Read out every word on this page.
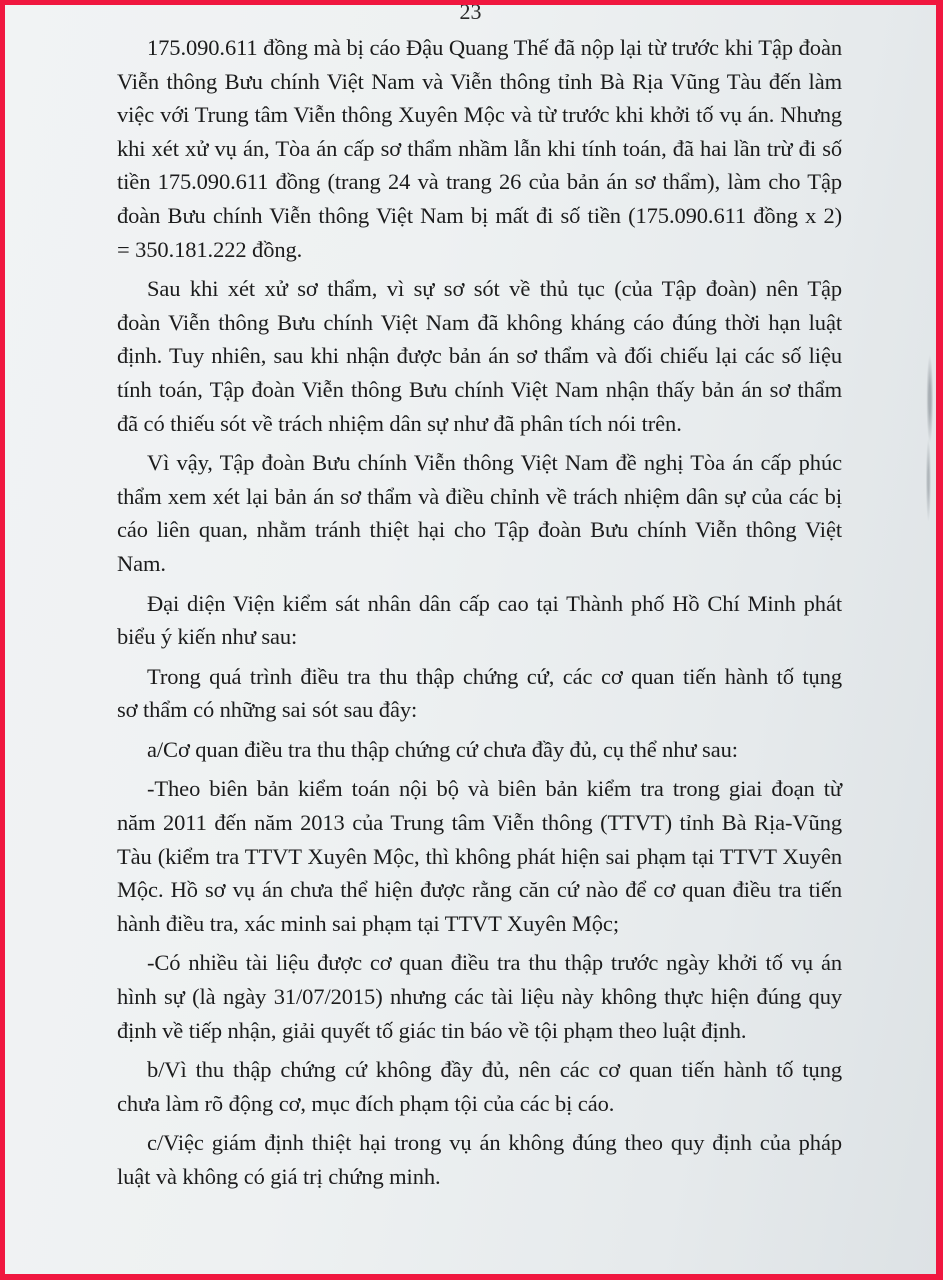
23
175.090.611 đồng mà bị cáo Đậu Quang Thế đã nộp lại từ trước khi Tập đoàn
Viễn thông Bưu chính Việt Nam và Viễn thông tỉnh Bà Rịa Vũng Tàu đến làm
việc với Trung tâm Viễn thông Xuyên Mộc và từ trước khi khởi tố vụ án. Nhưng
khi xét xử vụ án, Tòa án cấp sơ thẩm nhầm lẫn khi tính toán, đã hai lần trừ đi số
tiền 175.090.611 đồng (trang 24 và trang 26 của bản án sơ thẩm), làm cho Tập
đoàn Bưu chính Viễn thông Việt Nam bị mất đi số tiền (175.090.611 đồng x 2)
= 350.181.222 đồng.
Sau khi xét xử sơ thẩm, vì sự sơ sót về thủ tục (của Tập đoàn) nên Tập
đoàn Viễn thông Bưu chính Việt Nam đã không kháng cáo đúng thời hạn luật
định. Tuy nhiên, sau khi nhận được bản án sơ thẩm và đối chiếu lại các số liệu
tính toán, Tập đoàn Viễn thông Bưu chính Việt Nam nhận thấy bản án sơ thẩm
đã có thiếu sót về trách nhiệm dân sự như đã phân tích nói trên.
Vì vậy, Tập đoàn Bưu chính Viễn thông Việt Nam đề nghị Tòa án cấp phúc
thẩm xem xét lại bản án sơ thẩm và điều chỉnh về trách nhiệm dân sự của các bị
cáo liên quan, nhằm tránh thiệt hại cho Tập đoàn Bưu chính Viễn thông Việt
Nam.
Đại diện Viện kiểm sát nhân dân cấp cao tại Thành phố Hồ Chí Minh phát
biểu ý kiến như sau:
Trong quá trình điều tra thu thập chứng cứ, các cơ quan tiến hành tố tụng
sơ thẩm có những sai sót sau đây:
a/Cơ quan điều tra thu thập chứng cứ chưa đầy đủ, cụ thể như sau:
-Theo biên bản kiểm toán nội bộ và biên bản kiểm tra trong giai đoạn từ
năm 2011 đến năm 2013 của Trung tâm Viễn thông (TTVT) tỉnh Bà Rịa-Vũng
Tàu (kiểm tra TTVT Xuyên Mộc, thì không phát hiện sai phạm tại TTVT Xuyên
Mộc. Hồ sơ vụ án chưa thể hiện được rằng căn cứ nào để cơ quan điều tra tiến
hành điều tra, xác minh sai phạm tại TTVT Xuyên Mộc;
-Có nhiều tài liệu được cơ quan điều tra thu thập trước ngày khởi tố vụ án
hình sự (là ngày 31/07/2015) nhưng các tài liệu này không thực hiện đúng quy
định về tiếp nhận, giải quyết tố giác tin báo về tội phạm theo luật định.
b/Vì thu thập chứng cứ không đầy đủ, nên các cơ quan tiến hành tố tụng
chưa làm rõ động cơ, mục đích phạm tội của các bị cáo.
c/Việc giám định thiệt hại trong vụ án không đúng theo quy định của pháp
luật và không có giá trị chứng minh.
